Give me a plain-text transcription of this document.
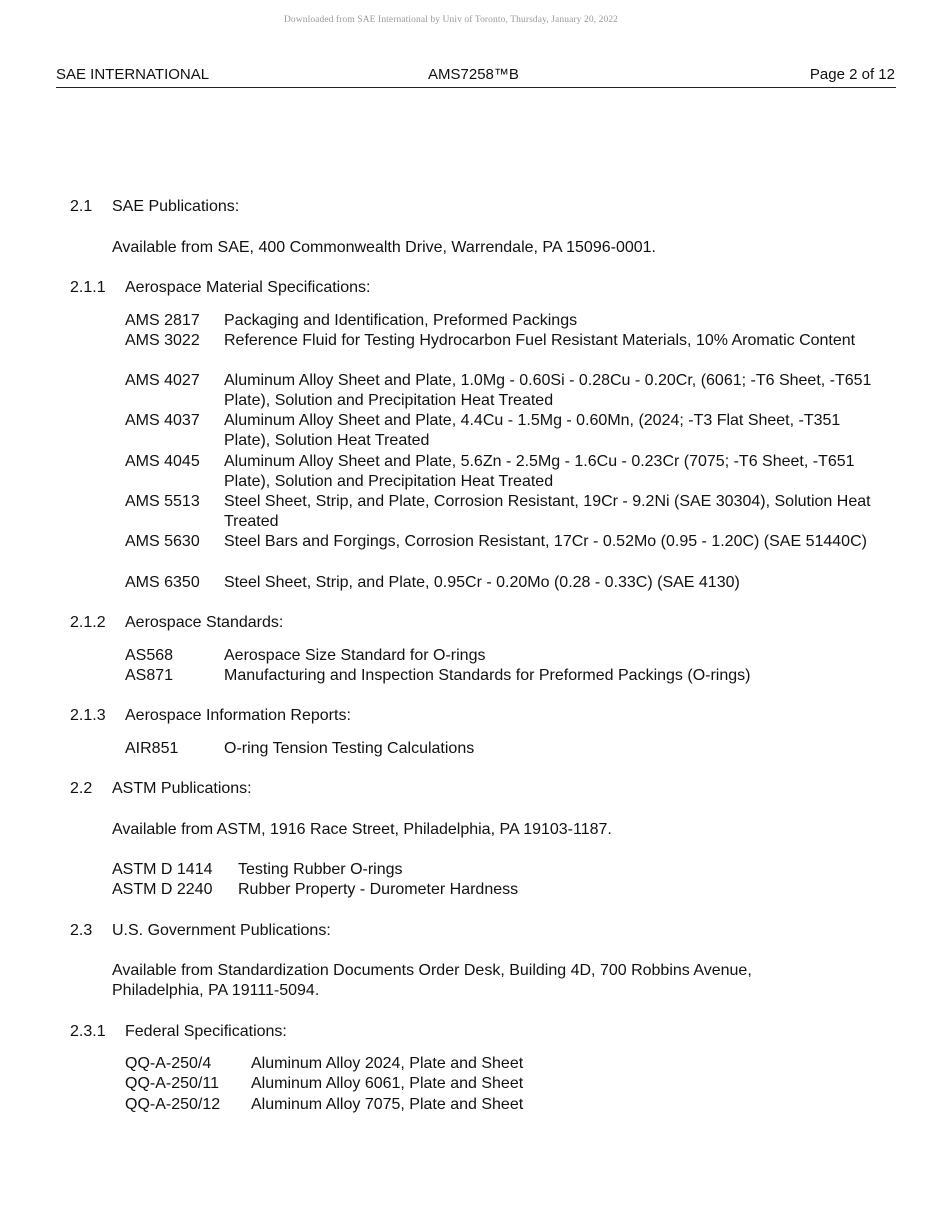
Downloaded from SAE International by Univ of Toronto, Thursday, January 20, 2022
SAE INTERNATIONAL	AMS7258™B	Page 2 of 12
2.1 SAE Publications:
Available from SAE, 400 Commonwealth Drive, Warrendale, PA 15096-0001.
2.1.1 Aerospace Material Specifications:
AMS 2817 Packaging and Identification, Preformed Packings
AMS 3022 Reference Fluid for Testing Hydrocarbon Fuel Resistant Materials, 10% Aromatic Content
AMS 4027 Aluminum Alloy Sheet and Plate, 1.0Mg - 0.60Si - 0.28Cu - 0.20Cr, (6061; -T6 Sheet, -T651 Plate), Solution and Precipitation Heat Treated
AMS 4037 Aluminum Alloy Sheet and Plate, 4.4Cu - 1.5Mg - 0.60Mn, (2024; -T3 Flat Sheet, -T351 Plate), Solution Heat Treated
AMS 4045 Aluminum Alloy Sheet and Plate, 5.6Zn - 2.5Mg - 1.6Cu - 0.23Cr (7075; -T6 Sheet, -T651 Plate), Solution and Precipitation Heat Treated
AMS 5513 Steel Sheet, Strip, and Plate, Corrosion Resistant, 19Cr - 9.2Ni (SAE 30304), Solution Heat Treated
AMS 5630 Steel Bars and Forgings, Corrosion Resistant, 17Cr - 0.52Mo (0.95 - 1.20C) (SAE 51440C)
AMS 6350 Steel Sheet, Strip, and Plate, 0.95Cr - 0.20Mo (0.28 - 0.33C) (SAE 4130)
2.1.2 Aerospace Standards:
AS568	Aerospace Size Standard for O-rings
AS871	Manufacturing and Inspection Standards for Preformed Packings (O-rings)
2.1.3 Aerospace Information Reports:
AIR851	O-ring Tension Testing Calculations
2.2 ASTM Publications:
Available from ASTM, 1916 Race Street, Philadelphia, PA 19103-1187.
ASTM D 1414 Testing Rubber O-rings
ASTM D 2240 Rubber Property - Durometer Hardness
2.3 U.S. Government Publications:
Available from Standardization Documents Order Desk, Building 4D, 700 Robbins Avenue,
Philadelphia, PA 19111-5094.
2.3.1 Federal Specifications:
QQ-A-250/4 Aluminum Alloy 2024, Plate and Sheet
QQ-A-250/11 Aluminum Alloy 6061, Plate and Sheet
QQ-A-250/12 Aluminum Alloy 7075, Plate and Sheet
